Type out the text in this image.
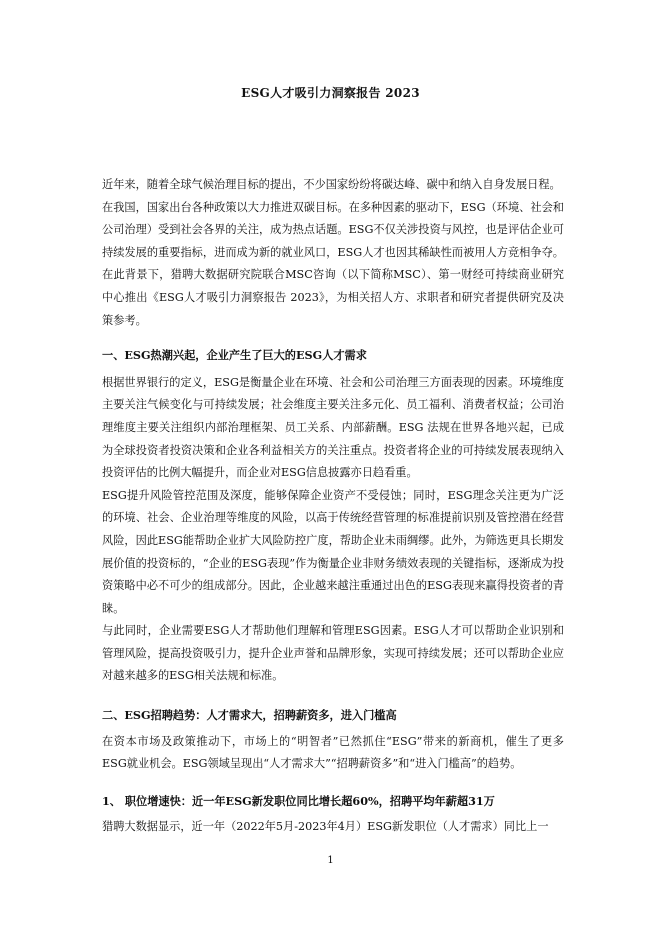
ESG人才吸引力洞察报告 2023

近年来，随着全球气候治理目标的提出，不少国家纷纷将碳达峰、碳中和纳入自身发展日程。

在我国，国家出台各种政策以大力推进双碳目标。在多种因素的驱动下，ESG（环境、社会和公司治理）受到社会各界的关注，成为热点话题。ESG不仅关涉投资与风控，也是评估企业可持续发展的重要指标，进而成为新的就业风口，ESG人才也因其稀缺性而被用人方竞相争夺。在此背景下，猎聘大数据研究院联合MSC咨询（以下简称MSC）、第一财经可持续商业研究中心推出《ESG人才吸引力洞察报告 2023》，为相关招人方、求职者和研究者提供研究及决策参考。

一、ESG热潮兴起，企业产生了巨大的ESG人才需求

根据世界银行的定义，ESG是衡量企业在环境、社会和公司治理三方面表现的因素。环境维度主要关注气候变化与可持续发展；社会维度主要关注多元化、员工福利、消费者权益；公司治理维度主要关注组织内部治理框架、员工关系、内部薪酬。ESG 法规在世界各地兴起，已成为全球投资者投资决策和企业各利益相关方的关注重点。投资者将企业的可持续发展表现纳入投资评估的比例大幅提升，而企业对ESG信息披露亦日趋看重。

ESG提升风险管控范围及深度，能够保障企业资产不受侵蚀；同时，ESG理念关注更为广泛的环境、社会、企业治理等维度的风险，以高于传统经营管理的标准提前识别及管控潜在经营风险，因此ESG能帮助企业扩大风险防控广度，帮助企业未雨绸缪。此外，为筛选更具长期发展价值的投资标的，“企业的ESG表现”作为衡量企业非财务绩效表现的关键指标，逐渐成为投资策略中必不可少的组成部分。因此，企业越来越注重通过出色的ESG表现来赢得投资者的青睐。

与此同时，企业需要ESG人才帮助他们理解和管理ESG因素。ESG人才可以帮助企业识别和管理风险，提高投资吸引力，提升企业声誉和品牌形象，实现可持续发展；还可以帮助企业应对越来越多的ESG相关法规和标准。

二、ESG招聘趋势：人才需求大，招聘薪资多，进入门槛高

在资本市场及政策推动下，市场上的“明智者”已然抓住“ESG”带来的新商机，催生了更多ESG就业机会。ESG领域呈现出“人才需求大”“招聘薪资多”和“进入门槛高”的趋势。

1、 职位增速快：近一年ESG新发职位同比增长超60%，招聘平均年薪超31万

猎聘大数据显示，近一年（2022年5月-2023年4月）ESG新发职位（人才需求）同比上一

1
